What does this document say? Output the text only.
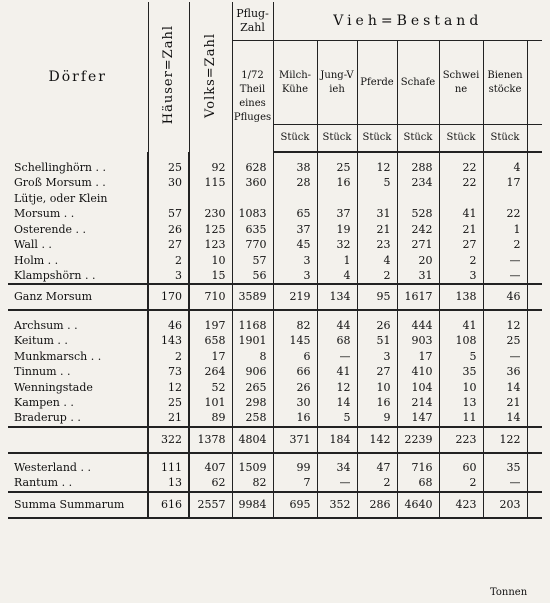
Dörfer	Häuser=Zahl	Volks=Zahl	Pflug-Zahl	Vieh=Bestand						
			1/72 Theil eines Pfluges	Milch-Kühe	Jung-Vieh	Pferde	Schafe	Schweine	Bienenstöcke	
				Stück	Stück	Stück	Stück	Stück	Stück	

Schellinghörn . .	25	92	628	38	25	12	288	22	4	
Groß Morsum . .	30	115	360	28	16	5	234	22	17	
Lütje, oder Klein										
Morsum . .	57	230	1083	65	37	31	528	41	22	
Osterende . .	26	125	635	37	19	21	242	21	1	
Wall . .	27	123	770	45	32	23	271	27	2	
Holm . .	2	10	57	3	1	4	20	2	—	
Klampshörn . .	3	15	56	3	4	2	31	3	—	
Ganz Morsum	170	710	3589	219	134	95	1617	138	46	

Archsum . .	46	197	1168	82	44	26	444	41	12	
Keitum . .	143	658	1901	145	68	51	903	108	25	
Munkmarsch . .	2	17	8	6	—	3	17	5	—	
Tinnum . .	73	264	906	66	41	27	410	35	36	
Wenningstade	12	52	265	26	12	10	104	10	14	
Kampen . .	25	101	298	30	14	16	214	13	21	
Braderup . .	21	89	258	16	5	9	147	11	14	
	322	1378	4804	371	184	142	2239	223	122	

Westerland . .	111	407	1509	99	34	47	716	60	35	
Rantum . .	13	62	82	7	—	2	68	2	—	
Summa Summarum	616	2557	9984	695	352	286	4640	423	203	
Tonnen
